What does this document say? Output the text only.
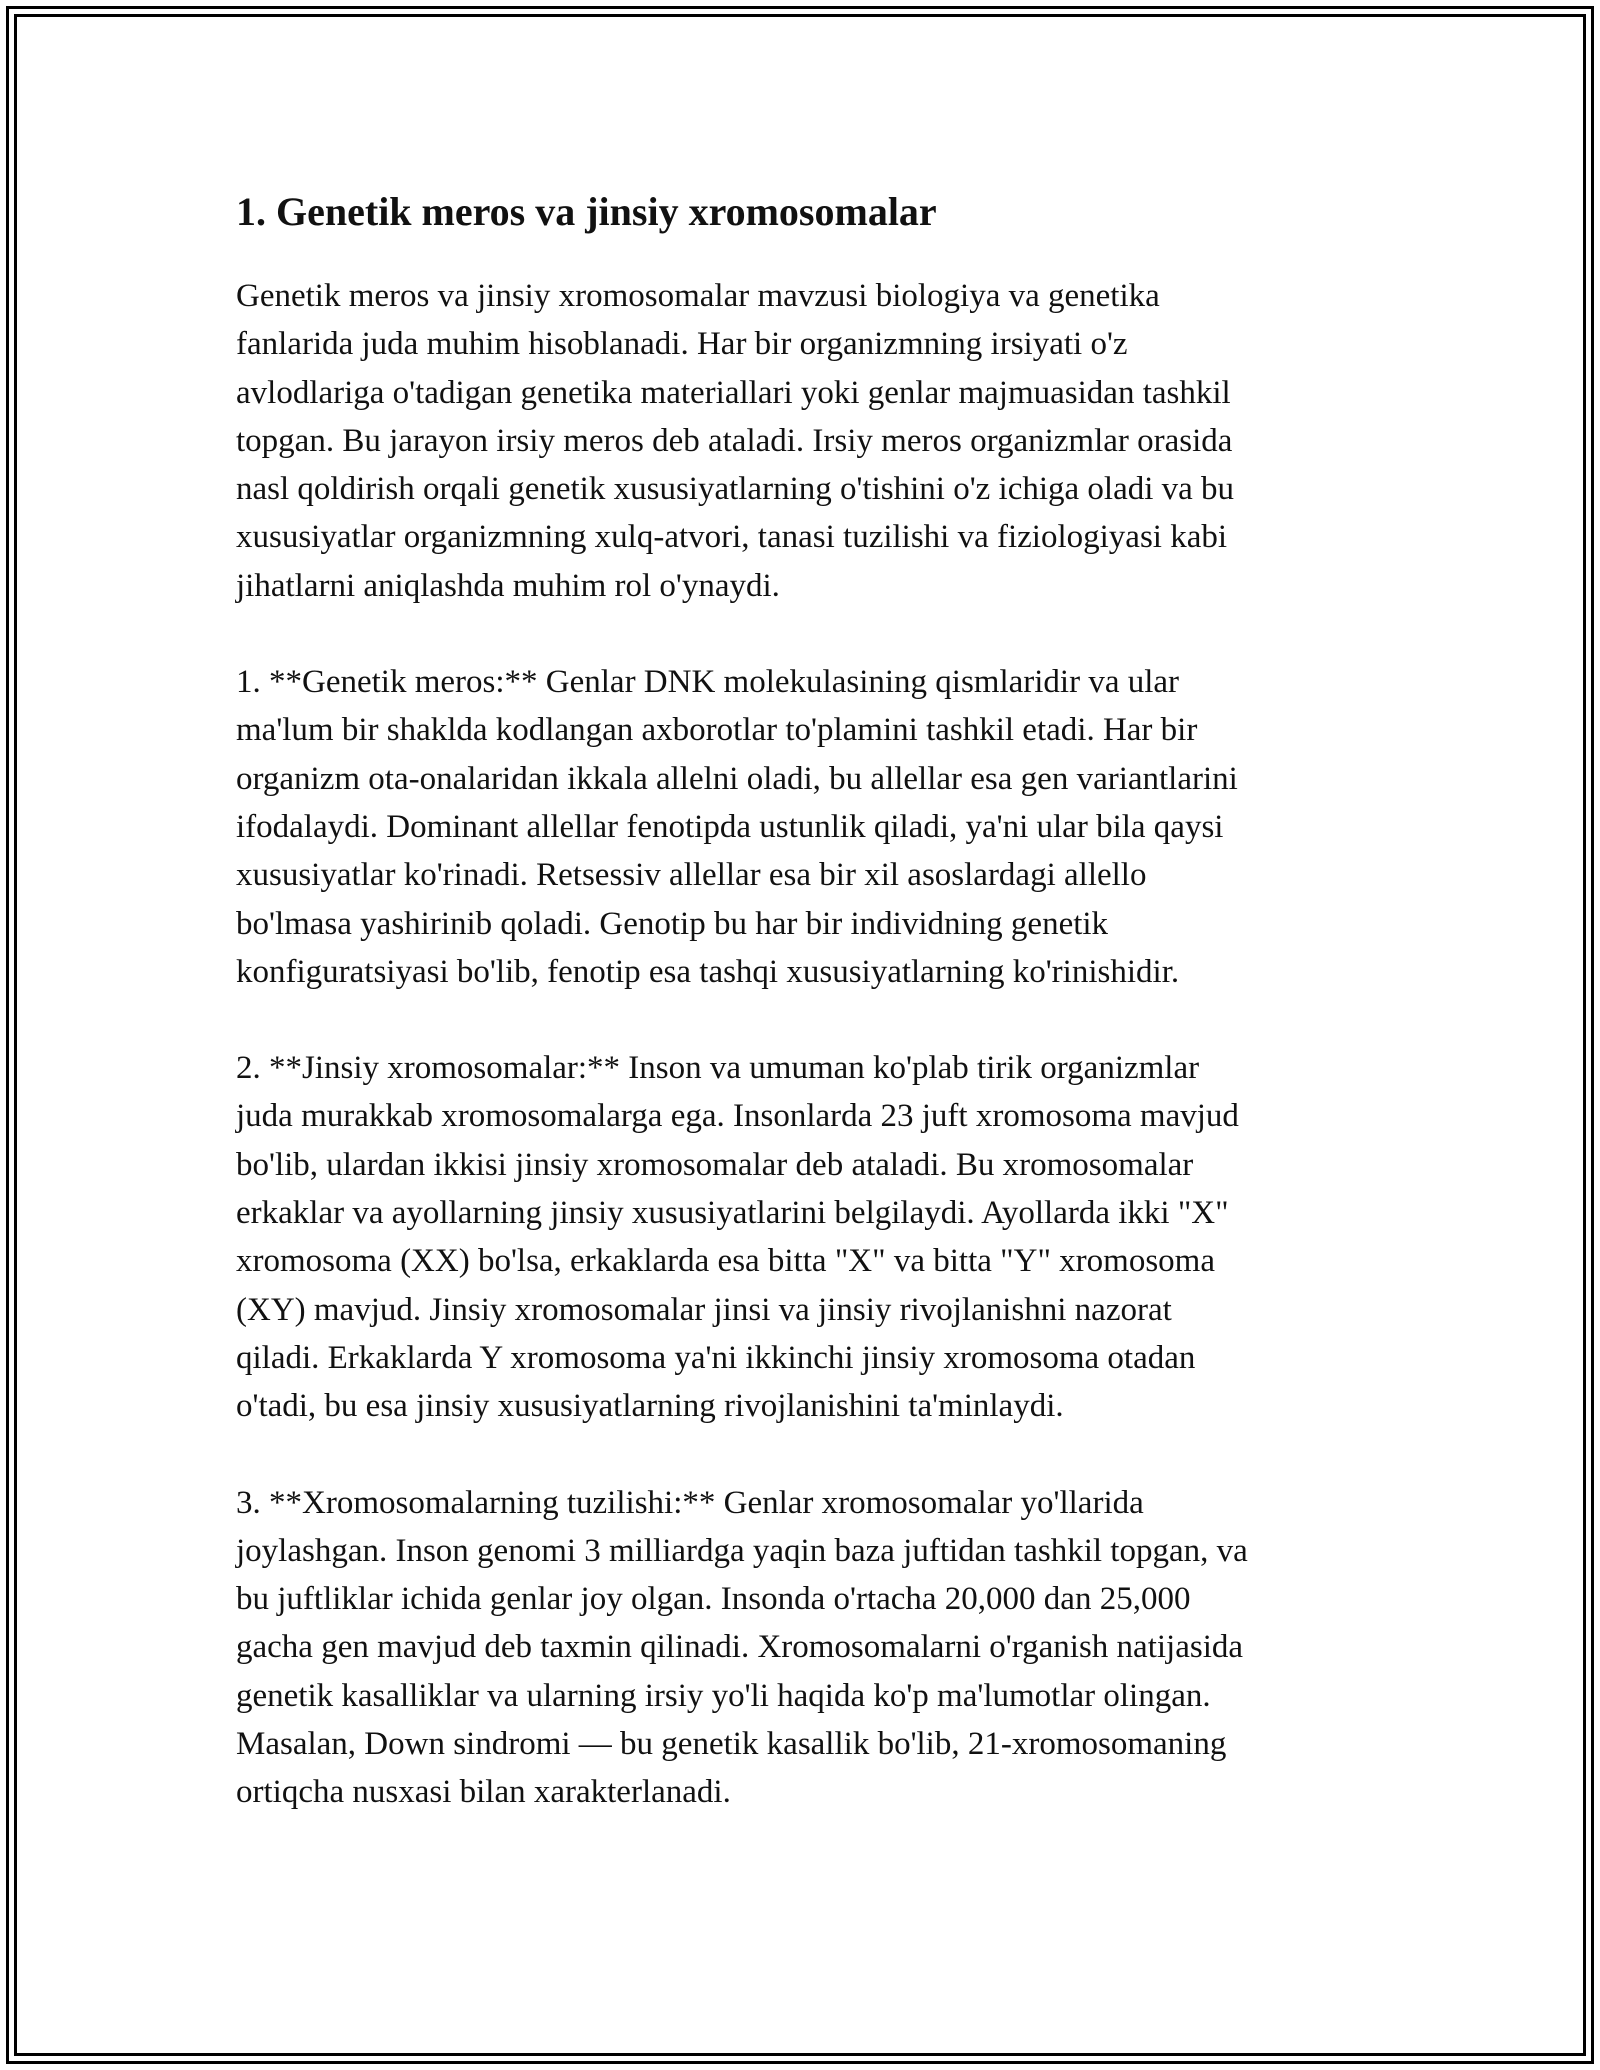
1. Genetik meros va jinsiy xromosomalar

Genetik meros va jinsiy xromosomalar mavzusi biologiya va genetika
fanlarida juda muhim hisoblanadi. Har bir organizmning irsiyati o'z
avlodlariga o'tadigan genetika materiallari yoki genlar majmuasidan tashkil
topgan. Bu jarayon irsiy meros deb ataladi. Irsiy meros organizmlar orasida
nasl qoldirish orqali genetik xususiyatlarning o'tishini o'z ichiga oladi va bu
xususiyatlar organizmning xulq-atvori, tanasi tuzilishi va fiziologiyasi kabi
jihatlarni aniqlashda muhim rol o'ynaydi.

1. **Genetik meros:** Genlar DNK molekulasining qismlaridir va ular
ma'lum bir shaklda kodlangan axborotlar to'plamini tashkil etadi. Har bir
organizm ota-onalaridan ikkala allelni oladi, bu allellar esa gen variantlarini
ifodalaydi. Dominant allellar fenotipda ustunlik qiladi, ya'ni ular bila qaysi
xususiyatlar ko'rinadi. Retsessiv allellar esa bir xil asoslardagi allello
bo'lmasa yashirinib qoladi. Genotip bu har bir individning genetik
konfiguratsiyasi bo'lib, fenotip esa tashqi xususiyatlarning ko'rinishidir.

2. **Jinsiy xromosomalar:** Inson va umuman ko'plab tirik organizmlar
juda murakkab xromosomalarga ega. Insonlarda 23 juft xromosoma mavjud
bo'lib, ulardan ikkisi jinsiy xromosomalar deb ataladi. Bu xromosomalar
erkaklar va ayollarning jinsiy xususiyatlarini belgilaydi. Ayollarda ikki "X"
xromosoma (XX) bo'lsa, erkaklarda esa bitta "X" va bitta "Y" xromosoma
(XY) mavjud. Jinsiy xromosomalar jinsi va jinsiy rivojlanishni nazorat
qiladi. Erkaklarda Y xromosoma ya'ni ikkinchi jinsiy xromosoma otadan
o'tadi, bu esa jinsiy xususiyatlarning rivojlanishini ta'minlaydi.

3. **Xromosomalarning tuzilishi:** Genlar xromosomalar yo'llarida
joylashgan. Inson genomi 3 milliardga yaqin baza juftidan tashkil topgan, va
bu juftliklar ichida genlar joy olgan. Insonda o'rtacha 20,000 dan 25,000
gacha gen mavjud deb taxmin qilinadi. Xromosomalarni o'rganish natijasida
genetik kasalliklar va ularning irsiy yo'li haqida ko'p ma'lumotlar olingan.
Masalan, Down sindromi — bu genetik kasallik bo'lib, 21-xromosomaning
ortiqcha nusxasi bilan xarakterlanadi.
